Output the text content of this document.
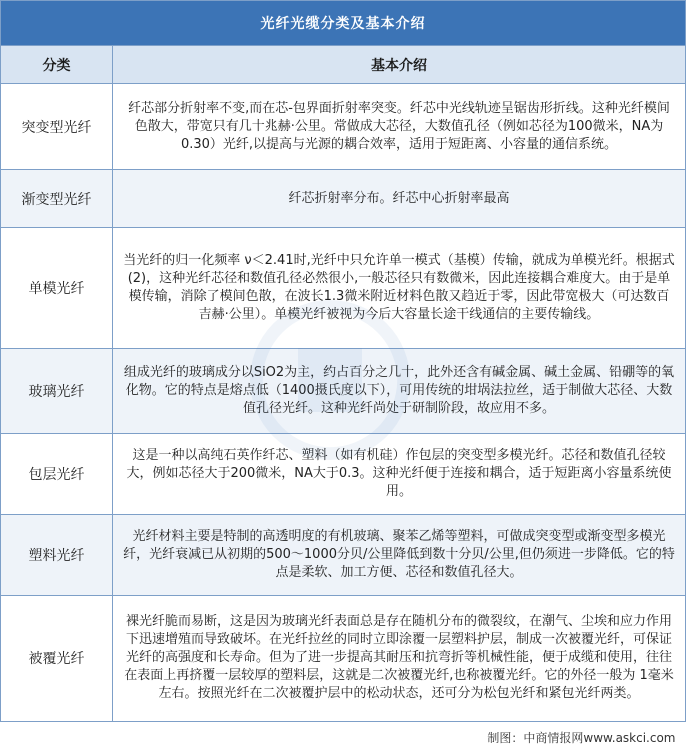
光纤光缆分类及基本介绍	
分类	基本介绍
突变型光纤	纤芯部分折射率不变,而在芯-包界面折射率突变。纤芯中光线轨迹呈锯齿形折线。这种光纤模间色散大，带宽只有几十兆赫·公里。常做成大芯径，大数值孔径（例如芯径为100微米，NA为0.30）光纤,以提高与光源的耦合效率，适用于短距离、小容量的通信系统。
渐变型光纤	纤芯折射率分布。纤芯中心折射率最高
单模光纤	当光纤的归一化频率 ν＜2.41时,光纤中只允许单一模式（基模）传输，就成为单模光纤。根据式(2)，这种光纤芯径和数值孔径必然很小,一般芯径只有数微米，因此连接耦合难度大。由于是单模传输，消除了模间色散，在波长1.3微米附近材料色散又趋近于零，因此带宽极大（可达数百吉赫·公里）。单模光纤被视为今后大容量长途干线通信的主要传输线。
玻璃光纤	组成光纤的玻璃成分以SiO2为主，约占百分之几十，此外还含有碱金属、碱土金属、铅硼等的氧化物。它的特点是熔点低（1400摄氏度以下），可用传统的坩埚法拉丝，适于制做大芯径、大数值孔径光纤。这种光纤尚处于研制阶段，故应用不多。
包层光纤	这是一种以高纯石英作纤芯、塑料（如有机硅）作包层的突变型多模光纤。芯径和数值孔径较大，例如芯径大于200微米，NA大于0.3。这种光纤便于连接和耦合，适于短距离小容量系统使用。
塑料光纤	光纤材料主要是特制的高透明度的有机玻璃、聚苯乙烯等塑料，可做成突变型或渐变型多模光纤，光纤衰减已从初期的500～1000分贝/公里降低到数十分贝/公里,但仍须进一步降低。它的特点是柔软、加工方便、芯径和数值孔径大。
被覆光纤	裸光纤脆而易断，这是因为玻璃光纤表面总是存在随机分布的微裂纹，在潮气、尘埃和应力作用下迅速增殖而导致破坏。在光纤拉丝的同时立即涂覆一层塑料护层，制成一次被覆光纤，可保证光纤的高强度和长寿命。但为了进一步提高其耐压和抗弯折等机械性能，便于成缆和使用，往往在表面上再挤覆一层较厚的塑料层，这就是二次被覆光纤,也称被覆光纤。它的外径一般为 1毫米左右。按照光纤在二次被覆护层中的松动状态，还可分为松包光纤和紧包光纤两类。
制图：中商情报网www.askci.com	
